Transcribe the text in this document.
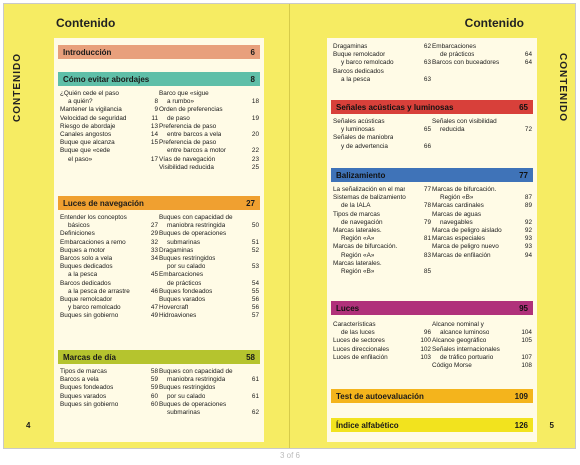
Contenido
CONTENIDO
Introducción	6
Cómo evitar abordajes	8
¿Quién cede el paso
a quién?	8
Mantener la vigilancia	9
Velocidad de seguridad	11
Riesgo de abordaje	13
Canales angostos	14
Buque que alcanza	15
Buque que «cede
el paso»	17
Barco que «sigue
a rumbo»	18
Orden de preferencias
de paso	19
Preferencia de paso
entre barcos a vela	20
Preferencia de paso
entre barcos a motor	22
Vías de navegación	23
Visibilidad reducida	25
Luces de navegación	27
Entender los conceptos
básicos	27
Definiciones	29
Embarcaciones a remo	32
Buques a motor	33
Barcos solo a vela	34
Buques dedicados
a la pesca	45
Barcos dedicados
a la pesca de arrastre	46
Buque remolcador
y barco remolcado	47
Buques sin gobierno	49
Buques con capacidad de
maniobra restringida	50
Buques de operaciones
submarinas	51
Dragaminas	52
Buques restringidos
por su calado	53
Embarcaciones
de prácticos	54
Buques fondeados	55
Buques varados	56
Hovercraft	56
Hidroaviones	57
Marcas de día	58
Tipos de marcas	58
Barcos a vela	59
Buques fondeados	59
Buques varados	60
Buques sin gobierno	60
Buques con capacidad de
maniobra restringida	61
Buques restringidos
por su calado	61
Buques de operaciones
submarinas	62
4
Contenido
CONTENIDO
Dragaminas	62
Buque remolcador
y barco remolcado	63
Barcos dedicados
a la pesca	63
Embarcaciones
de prácticos	64
Barcos con buceadores	64
Señales acústicas y luminosas	65
Señales acústicas
y luminosas	65
Señales de maniobra
y de advertencia	66
Señales con visibilidad
reducida	72
Balizamiento	77
La señalización en el mar	77
Sistemas de balizamiento
de la IALA	78
Tipos de marcas
de navegación	79
Marcas laterales.
Región «A»	81
Marcas de bifurcación.
Región «A»	83
Marcas laterales.
Región «B»	85
Marcas de bifurcación.
Región «B»	87
Marcas cardinales	89
Marcas de aguas
navegables	92
Marca de peligro aislado	92
Marcas especiales	93
Marca de peligro nuevo	93
Marcas de enfilación	94
Luces	95
Características
de las luces	96
Luces de sectores	100
Luces direccionales	102
Luces de enfilación	103
Alcance nominal y
alcance luminoso	104
Alcance geográfico	105
Señales internacionales
de tráfico portuario	107
Código Morse	108
Test de autoevaluación	109
Índice alfabético	126	5
3 of 6
